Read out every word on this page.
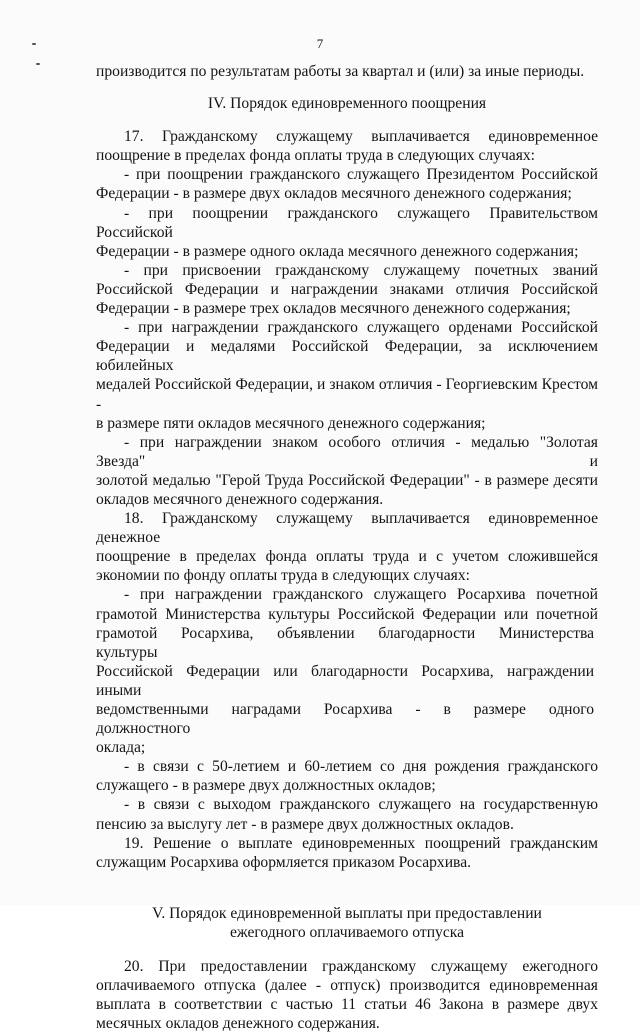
7

производится по результатам работы за квартал и (или) за иные периоды.

IV. Порядок единовременного поощрения

17.   Гражданскому   служащему   выплачивается   единовременное

поощрение в пределах фонда оплаты труда в следующих случаях:

- при поощрении гражданского служащего Президентом Российской

Федерации - в размере двух окладов месячного денежного содержания;

- при поощрении гражданского служащего Правительством Российской

Федерации - в размере одного оклада месячного денежного содержания;

-   при   присвоении   гражданскому   служащему   почетных   званий

Российской   Федерации   и   награждении   знаками   отличия   Российской

Федерации - в размере трех окладов месячного денежного содержания;

- при награждении гражданского служащего орденами Российской

Федерации и медалями Российской Федерации, за исключением юбилейных

медалей Российской Федерации, и знаком отличия - Георгиевским Крестом -

в размере пяти окладов месячного денежного содержания;

- при награждении знаком особого отличия - медалью "Золотая Звезда" и

золотой медалью "Герой Труда Российской Федерации" - в размере десяти

окладов месячного денежного содержания.

18. Гражданскому служащему выплачивается единовременное денежное

поощрение  в  пределах  фонда  оплаты  труда  и  с  учетом  сложившейся

экономии по фонду оплаты труда в следующих случаях:

-  при  награждении  гражданского  служащего  Росархива  почетной

грамотой  Министерства  культуры  Российской  Федерации  или  почетной

грамотой  Росархива,  объявлении  благодарности  Министерства  культуры

Российской  Федерации  или  благодарности  Росархива,  награждении  иными

ведомственными  наградами  Росархива  -  в  размере  одного  должностного

оклада;

-  в  связи  с  50-летием  и  60-летием  со  дня  рождения  гражданского

служащего - в размере двух должностных окладов;

-  в  связи  с  выходом  гражданского  служащего  на  государственную

пенсию за выслугу лет - в размере двух должностных окладов.

19.  Решение  о  выплате  единовременных  поощрений  гражданским

служащим Росархива оформляется приказом Росархива.

V. Порядок единовременной выплаты при предоставлении

ежегодного оплачиваемого отпуска

20.   При   предоставлении   гражданскому   служащему   ежегодного

оплачиваемого  отпуска  (далее  -  отпуск)  производится  единовременная

выплата  в  соответствии  с  частью  11  статьи  46  Закона  в  размере  двух

месячных окладов денежного содержания.
